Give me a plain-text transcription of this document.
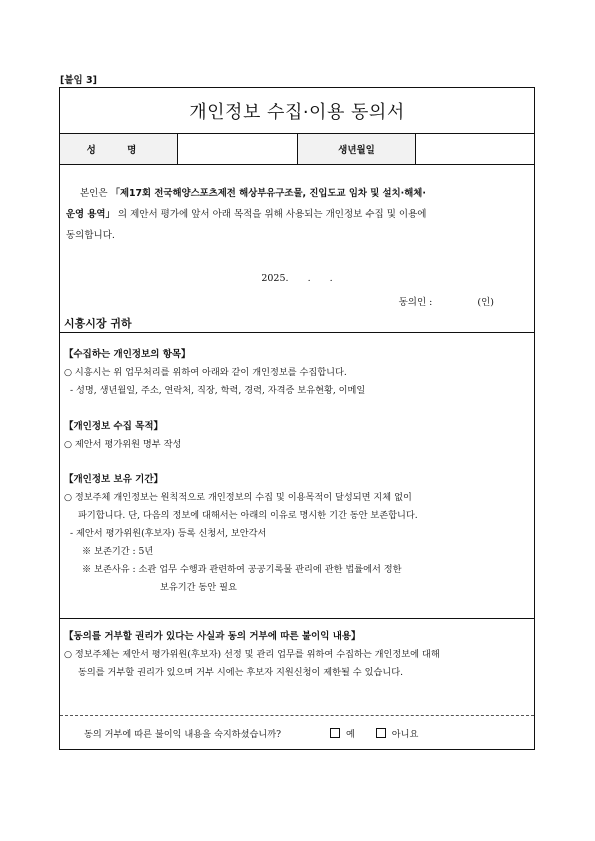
[붙임 3]
개인정보 수집·이용 동의서
성 명	생년월일
본인은 「제17회 전국해양스포츠제전 해상부유구조물, 진입도교 임차 및 설치·해체·
운영 용역」 의 제안서 평가에 앞서 아래 목적을 위해 사용되는 개인정보 수집 및 이용에
동의합니다.
2025. . .
동의인 :	(인)
시흥시장 귀하
【수집하는 개인정보의 항목】
○ 시흥시는 위 업무처리를 위하여 아래와 같이 개인정보를 수집합니다.
- 성명, 생년월일, 주소, 연락처, 직장, 학력, 경력, 자격증 보유현황, 이메일
【개인정보 수집 목적】
○ 제안서 평가위원 명부 작성
【개인정보 보유 기간】
○ 정보주체 개인정보는 원칙적으로 개인정보의 수집 및 이용목적이 달성되면 지체 없이
파기합니다. 단, 다음의 정보에 대해서는 아래의 이유로 명시한 기간 동안 보존합니다.
- 제안서 평가위원(후보자) 등록 신청서, 보안각서
※ 보존기간 : 5년
※ 보존사유 : 소관 업무 수행과 관련하여 공공기록물 관리에 관한 법률에서 정한
보유기간 동안 필요
【동의를 거부할 권리가 있다는 사실과 동의 거부에 따른 불이익 내용】
○ 정보주체는 제안서 평가위원(후보자) 선정 및 관리 업무를 위하여 수집하는 개인정보에 대해
동의를 거부할 권리가 있으며 거부 시에는 후보자 지원신청이 제한될 수 있습니다.
동의 거부에 따른 불이익 내용을 숙지하셨습니까?	예	아니요
